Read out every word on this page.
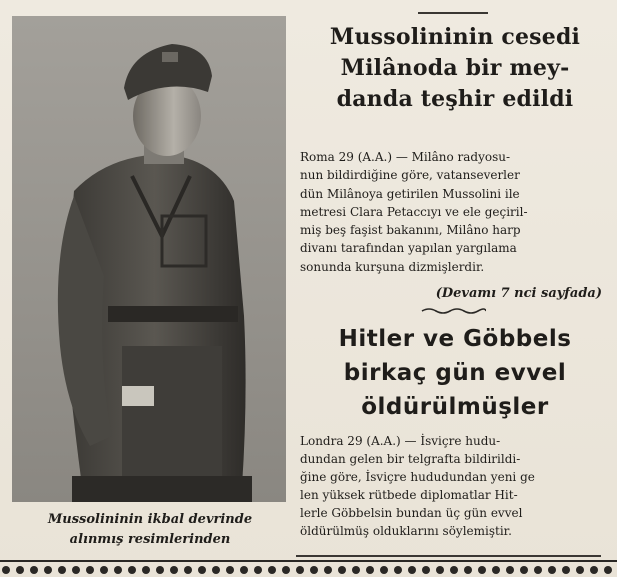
Mussolininin ikbal devrinde
alınmış resimlerinden
Mussolininin cesedi
Milânoda bir mey-
danda teşhir edildi
Roma 29 (A.A.) — Milâno radyosu-
nun bildirdiğine göre, vatanseverler
dün Milânoya getirilen Mussolini ile
metresi Clara Petaccıyı ve ele geçiril-
miş beş faşist bakanını, Milâno harp
divanı tarafından yapılan yargılama
sonunda kurşuna dizmişlerdir.
(Devamı 7 nci sayfada)
Hitler ve Göbbels
birkaç gün evvel
öldürülmüşler
Londra 29 (A.A.) — İsviçre hudu-
dundan gelen bir telgrafta bildirildi-
ğine göre, İsviçre hududundan yeni ge
len yüksek rütbede diplomatlar Hit-
lerle Göbbelsin bundan üç gün evvel
öldürülmüş olduklarını söylemiştir.
